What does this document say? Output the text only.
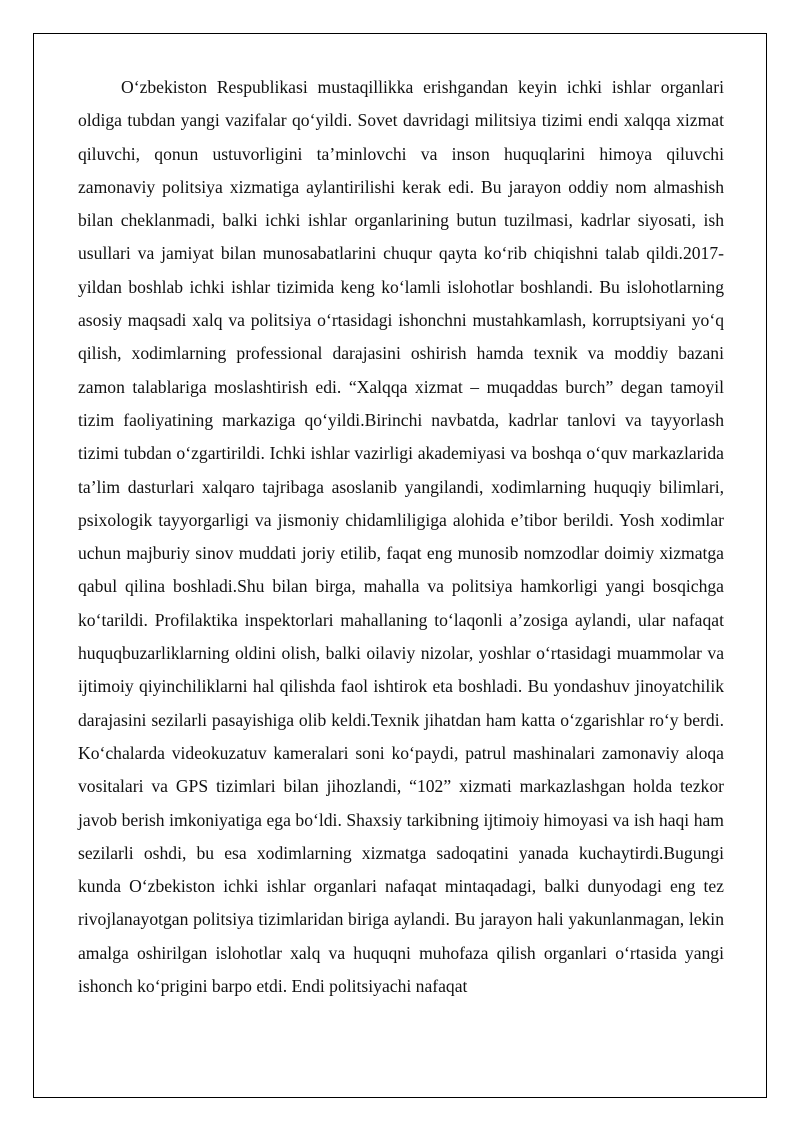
O‘zbekiston Respublikasi mustaqillikka erishgandan keyin ichki ishlar organlari oldiga tubdan yangi vazifalar qo‘yildi. Sovet davridagi militsiya tizimi endi xalqqa xizmat qiluvchi, qonun ustuvorligini ta’minlovchi va inson huquqlarini himoya qiluvchi zamonaviy politsiya xizmatiga aylantirilishi kerak edi. Bu jarayon oddiy nom almashish bilan cheklanmadi, balki ichki ishlar organlarining butun tuzilmasi, kadrlar siyosati, ish usullari va jamiyat bilan munosabatlarini chuqur qayta ko‘rib chiqishni talab qildi.2017-yildan boshlab ichki ishlar tizimida keng ko‘lamli islohotlar boshlandi. Bu islohotlarning asosiy maqsadi xalq va politsiya o‘rtasidagi ishonchni mustahkamlash, korruptsiyani yo‘q qilish, xodimlarning professional darajasini oshirish hamda texnik va moddiy bazani zamon talablariga moslashtirish edi. “Xalqqa xizmat – muqaddas burch” degan tamoyil tizim faoliyatining markaziga qo‘yildi.Birinchi navbatda, kadrlar tanlovi va tayyorlash tizimi tubdan o‘zgartirildi. Ichki ishlar vazirligi akademiyasi va boshqa o‘quv markazlarida ta’lim dasturlari xalqaro tajribaga asoslanib yangilandi, xodimlarning huquqiy bilimlari, psixologik tayyorgarligi va jismoniy chidamliligiga alohida e’tibor berildi. Yosh xodimlar uchun majburiy sinov muddati joriy etilib, faqat eng munosib nomzodlar doimiy xizmatga qabul qilina boshladi.Shu bilan birga, mahalla va politsiya hamkorligi yangi bosqichga ko‘tarildi. Profilaktika inspektorlari mahallaning to‘laqonli a’zosiga aylandi, ular nafaqat huquqbuzarliklarning oldini olish, balki oilaviy nizolar, yoshlar o‘rtasidagi muammolar va ijtimoiy qiyinchiliklarni hal qilishda faol ishtirok eta boshladi. Bu yondashuv jinoyatchilik darajasini sezilarli pasayishiga olib keldi.Texnik jihatdan ham katta o‘zgarishlar ro‘y berdi. Ko‘chalarda videokuzatuv kameralari soni ko‘paydi, patrul mashinalari zamonaviy aloqa vositalari va GPS tizimlari bilan jihozlandi, “102” xizmati markazlashgan holda tezkor javob berish imkoniyatiga ega bo‘ldi. Shaxsiy tarkibning ijtimoiy himoyasi va ish haqi ham sezilarli oshdi, bu esa xodimlarning xizmatga sadoqatini yanada kuchaytirdi.Bugungi kunda O‘zbekiston ichki ishlar organlari nafaqat mintaqadagi, balki dunyodagi eng tez rivojlanayotgan politsiya tizimlaridan biriga aylandi. Bu jarayon hali yakunlanmagan, lekin amalga oshirilgan islohotlar xalq va huquqni muhofaza qilish organlari o‘rtasida yangi ishonch ko‘prigini barpo etdi. Endi politsiyachi nafaqat
